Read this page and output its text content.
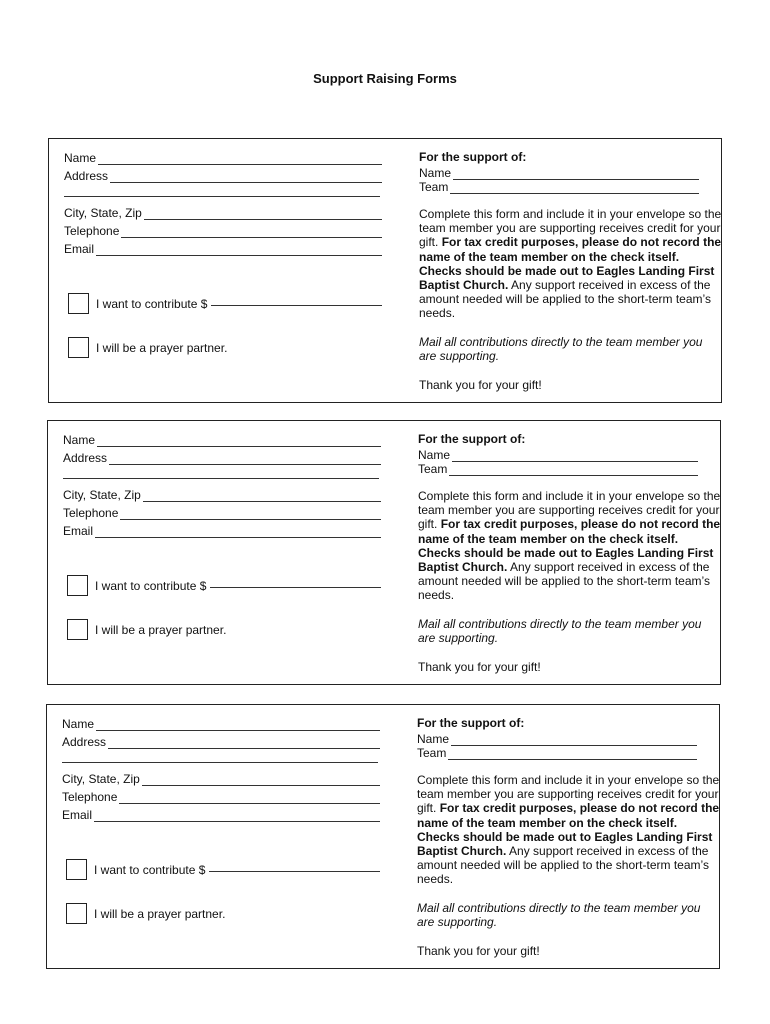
Support Raising Forms
Name
Address
City, State, Zip
Telephone
Email
I want to contribute $
I will be a prayer partner.
For the support of:
Name
Team
Complete this form and include it in your envelope so the team member you are supporting receives credit for your gift. For tax credit purposes, please do not record the name of the team member on the check itself. Checks should be made out to Eagles Landing First Baptist Church. Any support received in excess of the amount needed will be applied to the short-term team’s needs.
Mail all contributions directly to the team member you are supporting.
Thank you for your gift!
Name
Address
City, State, Zip
Telephone
Email
I want to contribute $
I will be a prayer partner.
For the support of:
Name
Team
Complete this form and include it in your envelope so the team member you are supporting receives credit for your gift. For tax credit purposes, please do not record the name of the team member on the check itself. Checks should be made out to Eagles Landing First Baptist Church. Any support received in excess of the amount needed will be applied to the short-term team’s needs.
Mail all contributions directly to the team member you are supporting.
Thank you for your gift!
Name
Address
City, State, Zip
Telephone
Email
I want to contribute $
I will be a prayer partner.
For the support of:
Name
Team
Complete this form and include it in your envelope so the team member you are supporting receives credit for your gift. For tax credit purposes, please do not record the name of the team member on the check itself. Checks should be made out to Eagles Landing First Baptist Church. Any support received in excess of the amount needed will be applied to the short-term team’s needs.
Mail all contributions directly to the team member you are supporting.
Thank you for your gift!
